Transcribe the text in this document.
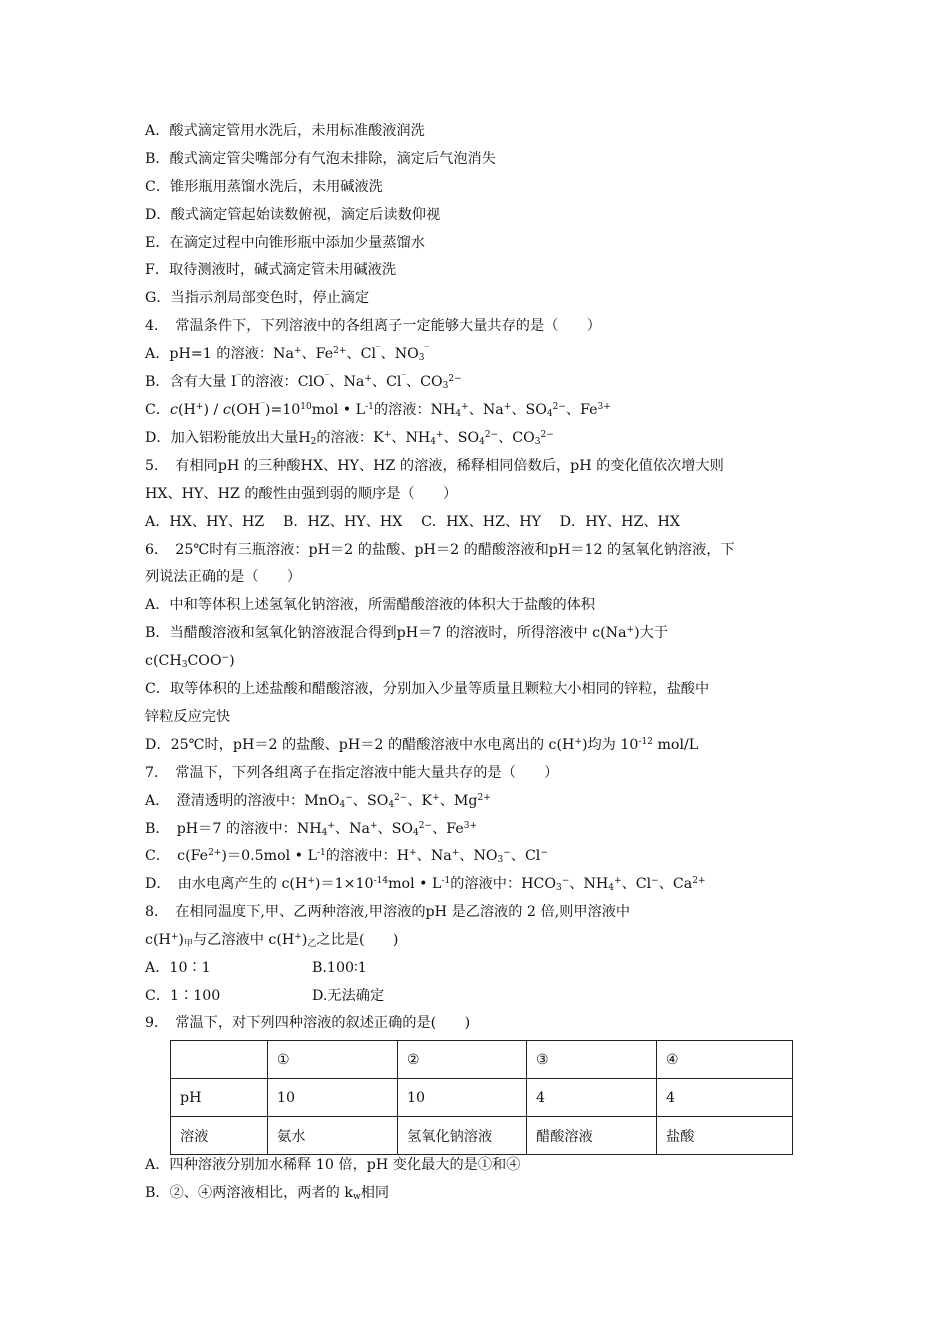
A．酸式滴定管用水洗后，未用标准酸液润洗
B．酸式滴定管尖嘴部分有气泡未排除，滴定后气泡消失
C．锥形瓶用蒸馏水洗后，未用碱液洗
D．酸式滴定管起始读数俯视，滴定后读数仰视
E．在滴定过程中向锥形瓶中添加少量蒸馏水
F．取待测液时，碱式滴定管未用碱液洗
G．当指示剂局部变色时，停止滴定
4．　常温条件下，下列溶液中的各组离子一定能够大量共存的是（　　）
A．pH=1 的溶液：Na+、$Fe^{2+}$、Cl‾、$NO_3^‾$
B．含有大量 I‾的溶液：ClO‾、Na+、Cl‾、$CO_3^{2-}$
C．$c(H^+) / c(OH^‾)=10^{10}mol$ • $L^{-1}$的溶液：$NH_4^+$、Na+、$SO_4^{2-}$、$Fe^{3+}$
D．加入铝粉能放出大量$H_2$的溶液：K+、$NH_4^+$、$SO_4^{2-}$、$CO_3^{2-}$
5．　有相同pH 的三种酸HX、HY、HZ 的溶液，稀释相同倍数后，pH 的变化值依次增大则
HX、HY、HZ 的酸性由强到弱的顺序是（　　）
A．HX、HY、HZ　 B．HZ、HY、HX　 C．HX、HZ、HY　 D．HY、HZ、HX
6．　25℃时有三瓶溶液：pH＝2 的盐酸、pH＝2 的醋酸溶液和pH＝12 的氢氧化钠溶液，下
列说法正确的是（　　）
A．中和等体积上述氢氧化钠溶液，所需醋酸溶液的体积大于盐酸的体积
B．当醋酸溶液和氢氧化钠溶液混合得到pH＝7 的溶液时，所得溶液中 c(Na+)大于
$c(CH_3COO^-)$
C．取等体积的上述盐酸和醋酸溶液，分别加入少量等质量且颗粒大小相同的锌粒，盐酸中
锌粒反应完快
D．25℃时，pH＝2 的盐酸、pH＝2 的醋酸溶液中水电离出的 c(H+)均为 $10^{-12}$ mol/L
7．　常温下，下列各组离子在指定溶液中能大量共存的是（　　）
A．　澄清透明的溶液中：MnO$_4$−、$SO_4^{2-}$、K+、$Mg^{2+}$
B．　pH＝7 的溶液中：$NH_4^+$、Na+、$SO_4^{2-}$、$Fe^{3+}$
C．　$c(Fe^{2+})=0.5mol$ • $L^{-1}$的溶液中：H+、Na+、$NO_3^-$、Cl−
D．　由水电离产生的 $c(H^+)=1\times 10^{-14}mol$ • $L^{-1}$的溶液中：$HCO_3^-$、$NH_4^+$、Cl−、$Ca^{2+}$
8．　在相同温度下,甲、乙两种溶液,甲溶液的pH 是乙溶液的 2 倍,则甲溶液中
$c(H^+)_甲$与乙溶液中 $c(H^+)_乙$之比是(　　)
A．10∶1	B.100∶1
C．1∶100	D.无法确定
9．　常温下，对下列四种溶液的叙述正确的是(　　)
	①	②	③	④
pH	10	10	4	4
溶液	氨水	氢氧化钠溶液	醋酸溶液	盐酸
A．四种溶液分别加水稀释 10 倍，pH 变化最大的是①和④
B．②、④两溶液相比，两者的 $k_w$相同
